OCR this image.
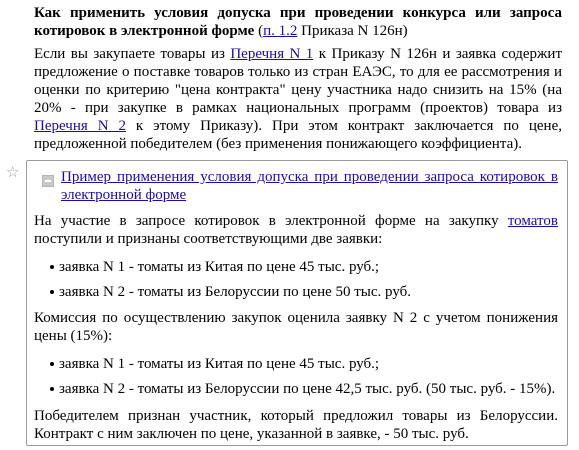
Как применить условия допуска при проведении конкурса или запроса котировок в электронной форме (п. 1.2 Приказа N 126н)

Если вы закупаете товары из Перечня N 1 к Приказу N 126н и заявка содержит предложение о поставке товаров только из стран ЕАЭС, то для ее рассмотрения и оценки по критерию "цена контракта" цену участника надо снизить на 15% (на 20% - при закупке в рамках национальных программ (проектов) товара из Перечня N 2 к этому Приказу). При этом контракт заключается по цене, предложенной победителем (без применения понижающего коэффициента).

☆	Пример применения условия допуска при проведении запроса котировок в электронной форме

На участие в запросе котировок в электронной форме на закупку томатов поступили и признаны соответствующими две заявки:

заявка N 1 - томаты из Китая по цене 45 тыс. руб.;

заявка N 2 - томаты из Белоруссии по цене 50 тыс. руб.

Комиссия по осуществлению закупок оценила заявку N 2 с учетом понижения цены (15%):

заявка N 1 - томаты из Китая по цене 45 тыс. руб.;

заявка N 2 - томаты из Белоруссии по цене 42,5 тыс. руб. (50 тыс. руб. - 15%).

Победителем признан участник, который предложил товары из Белоруссии. Контракт с ним заключен по цене, указанной в заявке, - 50 тыс. руб.
